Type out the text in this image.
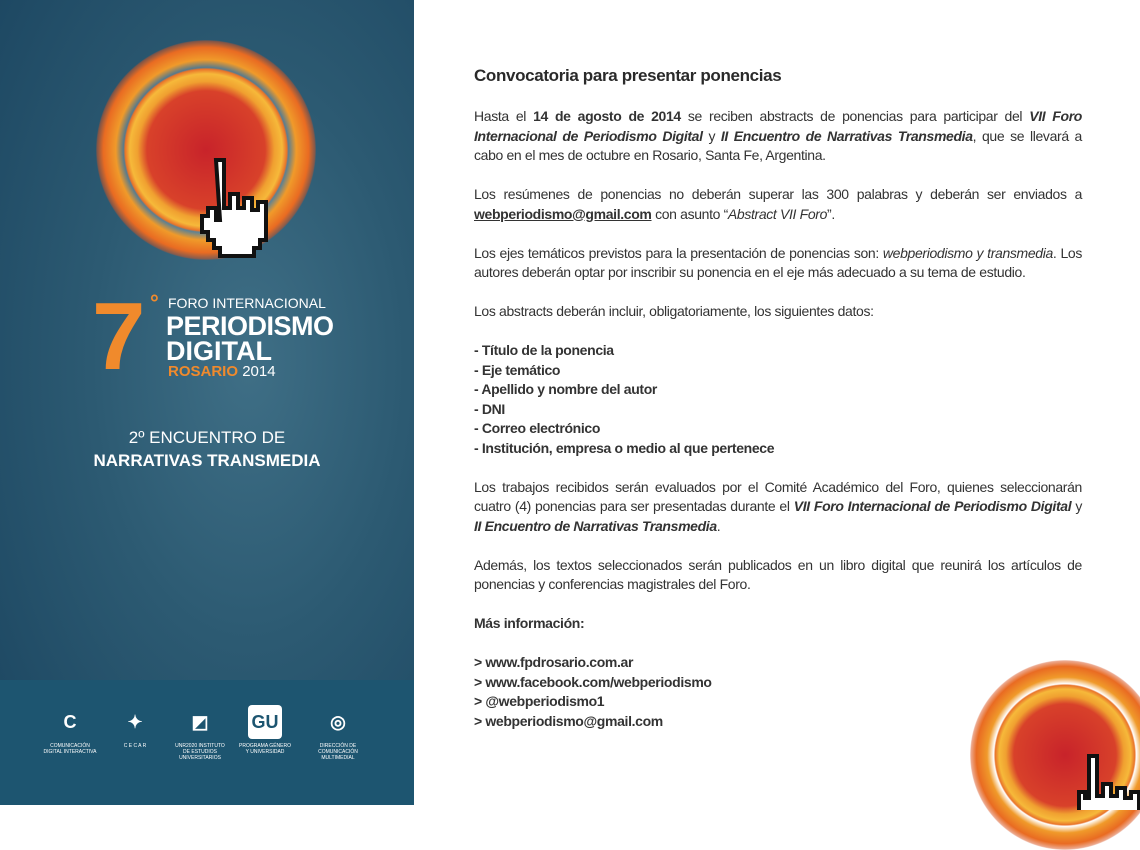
7 ° FORO INTERNACIONAL
PERIODISMO
DIGITAL
ROSARIO 2014
2º ENCUENTRO DE
NARRATIVAS TRANSMEDIA
C
COMUNICACIÓN DIGITAL INTERACTIVA
✦
C E C A R
◩
UNR2020 INSTITUTO DE ESTUDIOS UNIVERSITARIOS
GU
PROGRAMA GÉNERO Y UNIVERSIDAD
◎
DIRECCIÓN DE COMUNICACIÓN MULTIMEDIAL
Convocatoria para presentar ponencias

Hasta el 14 de agosto de 2014 se reciben abstracts de ponencias para participar del VII Foro Internacional de Periodismo Digital y II Encuentro de Narrativas Transmedia, que se llevará a cabo en el mes de octubre en Rosario, Santa Fe, Argentina.

Los resúmenes de ponencias no deberán superar las 300 palabras y deberán ser enviados a webperiodismo@gmail.com con asunto “Abstract VII Foro”.

Los ejes temáticos previstos para la presentación de ponencias son: webperiodismo y transmedia. Los autores deberán optar por inscribir su ponencia en el eje más adecuado a su tema de estudio.

Los abstracts deberán incluir, obligatoriamente, los siguientes datos:

- Título de la ponencia
- Eje temático
- Apellido y nombre del autor
- DNI
- Correo electrónico
- Institución, empresa o medio al que pertenece

Los trabajos recibidos serán evaluados por el Comité Académico del Foro, quienes seleccionarán cuatro (4) ponencias para ser presentadas durante el VII Foro Internacional de Periodismo Digital y II Encuentro de Narrativas Transmedia.

Además, los textos seleccionados serán publicados en un libro digital que reunirá los artículos de ponencias y conferencias magistrales del Foro.

Más información:

> www.fpdrosario.com.ar
> www.facebook.com/webperiodismo
> @webperiodismo1
> webperiodismo@gmail.com
